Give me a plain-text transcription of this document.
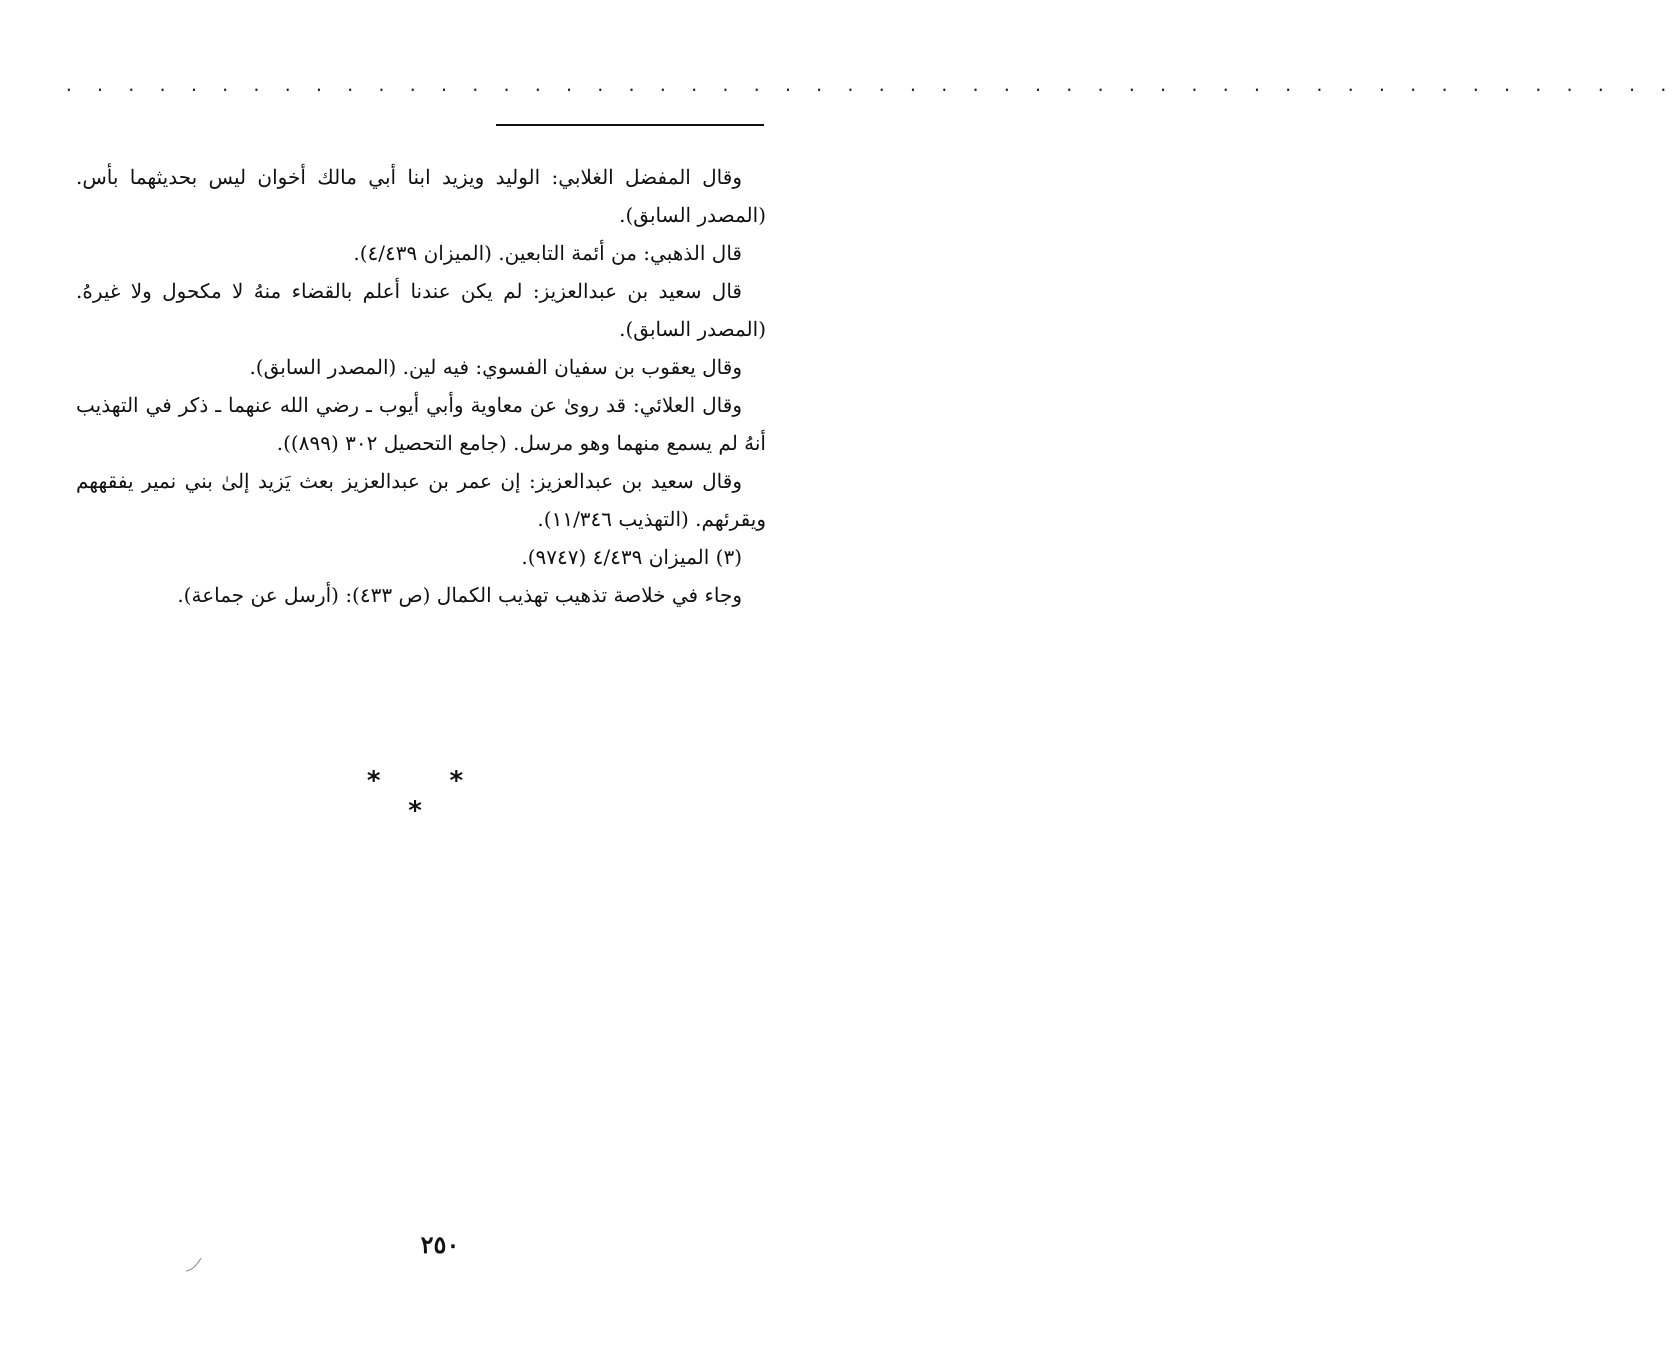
. . . . . . . . . . . . . . . . . . . . . . . . . . . . . . . . . . . . . . . . . . . . . . . . . . . .

وقال المفضل الغلابي: الوليد ويزيد ابنا أبي مالك أخوان ليس بحديثهما بأس. (المصدر السابق).

قال الذهبي: من أئمة التابعين. (الميزان ٤/٤٣٩).

قال سعيد بن عبدالعزيز: لم يكن عندنا أعلم بالقضاء منهُ لا مكحول ولا غيرهُ. (المصدر السابق).

وقال يعقوب بن سفيان الفسوي: فيه لين. (المصدر السابق).

وقال العلائي: قد روىٰ عن معاوية وأبي أيوب ـ رضي الله عنهما ـ ذكر في التهذيب أنهُ لم يسمع منهما وهو مرسل. (جامع التحصيل ٣٠٢ (٨٩٩)).

وقال سعيد بن عبدالعزيز: إن عمر بن عبدالعزيز بعث يَزيد إلىٰ بني نمير يفقههم ويقرئهم. (التهذيب ١١/٣٤٦).

(٣) الميزان ٤/٤٣٩ (٩٧٤٧).

وجاء في خلاصة تذهيب تهذيب الكمال (ص ٤٣٣): (أرسل عن جماعة).

* * *
٢٥٠
